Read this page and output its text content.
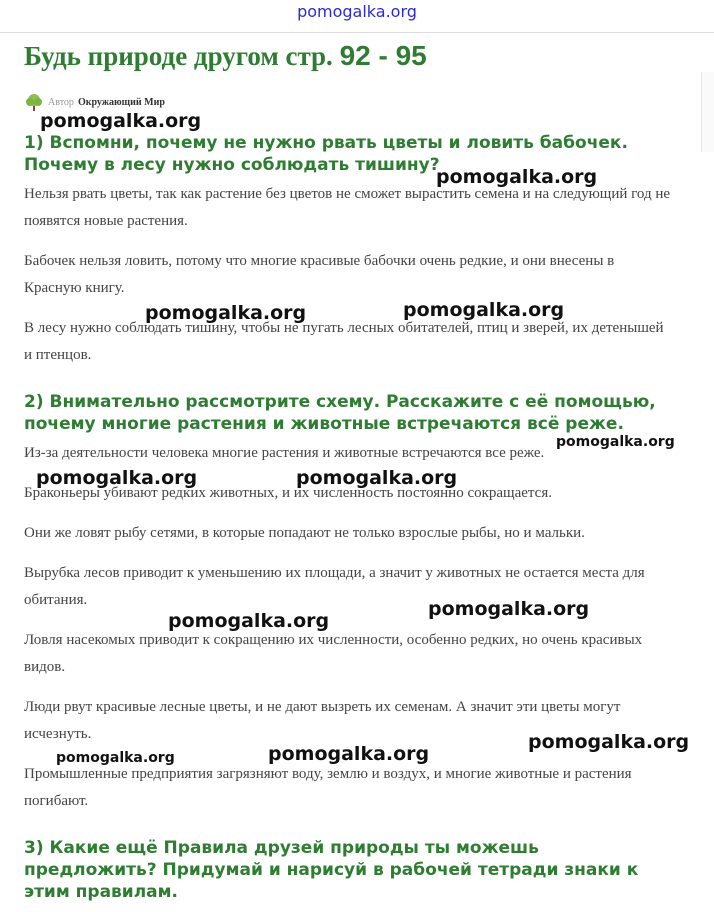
pomogalka.org
Будь природе другом стр. 92 - 95
Автор Окружающий Мир
1) Вспомни, почему не нужно рвать цветы и ловить бабочек. Почему в лесу нужно соблюдать тишину?

Нельзя рвать цветы, так как растение без цветов не сможет вырастить семена и на следующий год не появятся новые растения.

Бабочек нельзя ловить, потому что многие красивые бабочки очень редкие, и они внесены в Красную книгу.

В лесу нужно соблюдать тишину, чтобы не пугать лесных обитателей, птиц и зверей, их детенышей и птенцов.

2) Внимательно рассмотрите схему. Расскажите с её помощью, почему многие растения и животные встречаются всё реже.

Из-за деятельности человека многие растения и животные встречаются все реже.

Браконьеры убивают редких животных, и их численность постоянно сокращается.

Они же ловят рыбу сетями, в которые попадают не только взрослые рыбы, но и мальки.

Вырубка лесов приводит к уменьшению их площади, а значит у животных не остается места для обитания.

Ловля насекомых приводит к сокращению их численности, особенно редких, но очень красивых видов.

Люди рвут красивые лесные цветы, и не дают вызреть их семенам. А значит эти цветы могут исчезнуть.

Промышленные предприятия загрязняют воду, землю и воздух, и многие животные и растения погибают.

3) Какие ещё Правила друзей природы ты можешь предложить? Придумай и нарисуй в рабочей тетради знаки к этим правилам.
pomogalka.org
pomogalka.org
pomogalka.org	pomogalka.org
pomogalka.org
pomogalka.org	pomogalka.org
pomogalka.org
pomogalka.org
pomogalka.org
pomogalka.org	pomogalka.org
